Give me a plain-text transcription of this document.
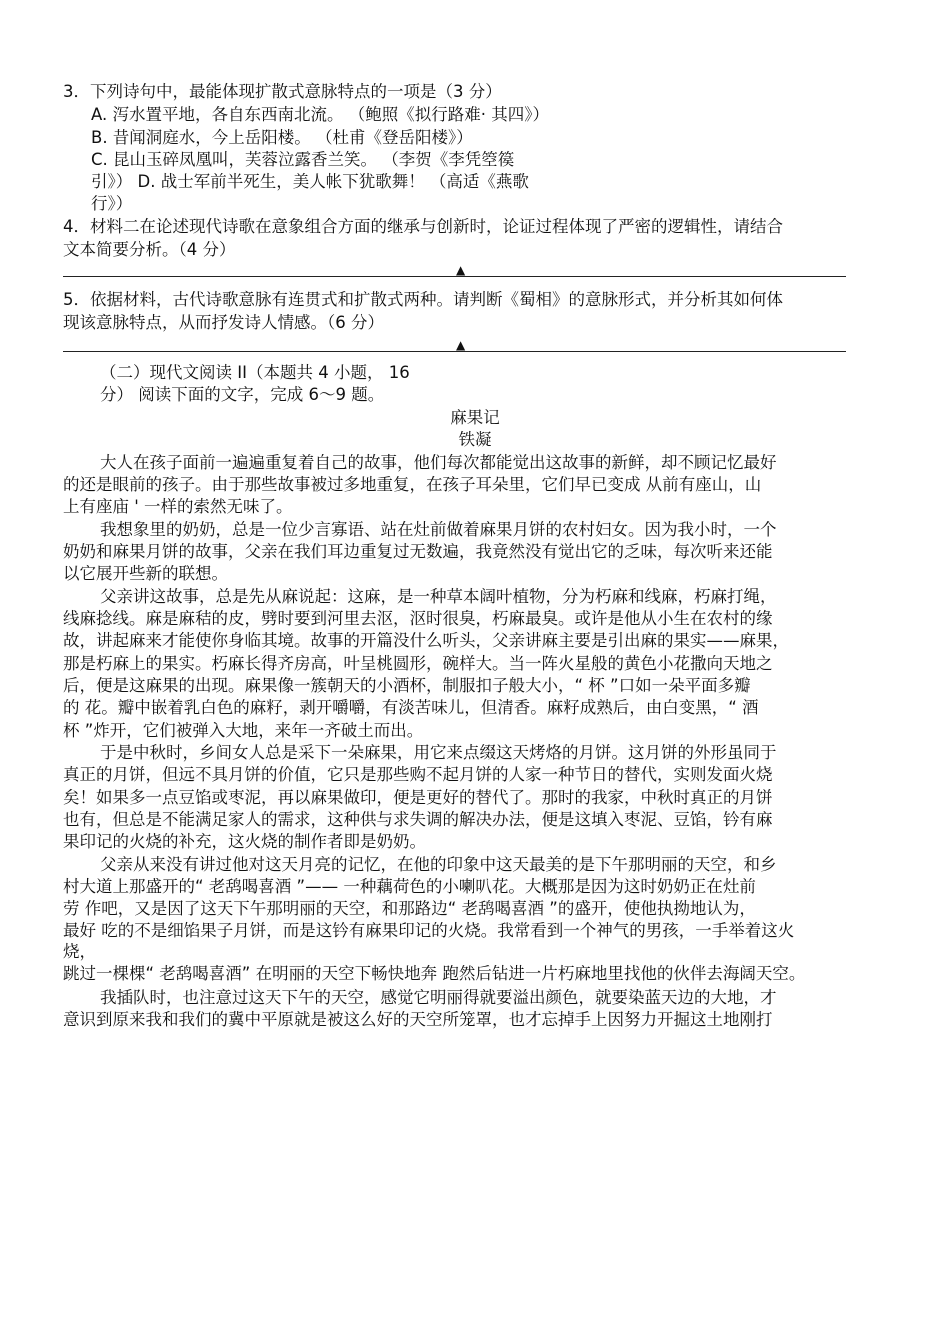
3．下列诗句中，最能体现扩散式意脉特点的一项是（3 分）
A. 泻水置平地，各自东西南北流。 （鲍照《拟行路难· 其四》）
B. 昔闻洞庭水，今上岳阳楼。 （杜甫《登岳阳楼》）
C. 昆山玉碎凤凰叫，芙蓉泣露香兰笑。 （李贺《李凭箜篌
引》） D. 战士军前半死生，美人帐下犹歌舞！ （高适《燕歌
行》）
4．材料二在论述现代诗歌在意象组合方面的继承与创新时，论证过程体现了严密的逻辑性，请结合
文本简要分析。（4 分）
▲
5．依据材料，古代诗歌意脉有连贯式和扩散式两种。请判断《蜀相》的意脉形式，并分析其如何体
现该意脉特点，从而抒发诗人情感。（6 分）
▲
（二）现代文阅读 II（本题共 4 小题， 16
分） 阅读下面的文字，完成 6～9 题。
麻果记
铁凝
大人在孩子面前一遍遍重复着自己的故事，他们每次都能觉出这故事的新鲜，却不顾记忆最好
的还是眼前的孩子。由于那些故事被过多地重复，在孩子耳朵里，它们早已变成 从前有座山，山
上有座庙 ' 一样的索然无味了。
我想象里的奶奶，总是一位少言寡语、站在灶前做着麻果月饼的农村妇女。因为我小时，一个
奶奶和麻果月饼的故事，父亲在我们耳边重复过无数遍，我竟然没有觉出它的乏味，每次听来还能
以它展开些新的联想。
父亲讲这故事，总是先从麻说起：这麻，是一种草本阔叶植物，分为朽麻和线麻，朽麻打绳，
线麻捻线。麻是麻秸的皮，劈时要到河里去沤，沤时很臭，朽麻最臭。或许是他从小生在农村的缘
故，讲起麻来才能使你身临其境。故事的开篇没什么听头，父亲讲麻主要是引出麻的果实——麻果，
那是朽麻上的果实。朽麻长得齐房高，叶呈桃圆形，碗样大。当一阵火星般的黄色小花撒向天地之
后，便是这麻果的出现。麻果像一簇朝天的小酒杯，制服扣子般大小，“ 杯 ”口如一朵平面多瓣
的 花。瓣中嵌着乳白色的麻籽，剥开嚼嚼，有淡苦味儿，但清香。麻籽成熟后，由白变黑，“ 酒
杯 ”炸开，它们被弹入大地，来年一齐破土而出。
于是中秋时，乡间女人总是采下一朵麻果，用它来点缀这天烤烙的月饼。这月饼的外形虽同于
真正的月饼，但远不具月饼的价值，它只是那些购不起月饼的人家一种节日的替代，实则发面火烧
矣！如果多一点豆馅或枣泥，再以麻果做印，便是更好的替代了。那时的我家，中秋时真正的月饼
也有，但总是不能满足家人的需求，这种供与求失调的解决办法，便是这填入枣泥、豆馅，钤有麻
果印记的火烧的补充，这火烧的制作者即是奶奶。
父亲从来没有讲过他对这天月亮的记忆，在他的印象中这天最美的是下午那明丽的天空，和乡
村大道上那盛开的“ 老鸹喝喜酒 ”—— 一种藕荷色的小喇叭花。大概那是因为这时奶奶正在灶前
劳 作吧，又是因了这天下午那明丽的天空，和那路边“ 老鸹喝喜酒 ”的盛开，使他执拗地认为，
最好 吃的不是细馅果子月饼，而是这钤有麻果印记的火烧。我常看到一个神气的男孩，一手举着这火
烧，
跳过一棵棵“ 老鸹喝喜酒” 在明丽的天空下畅快地奔 跑然后钻进一片朽麻地里找他的伙伴去海阔天空。
我插队时，也注意过这天下午的天空，感觉它明丽得就要溢出颜色，就要染蓝天边的大地，才
意识到原来我和我们的冀中平原就是被这么好的天空所笼罩，也才忘掉手上因努力开掘这土地刚打
